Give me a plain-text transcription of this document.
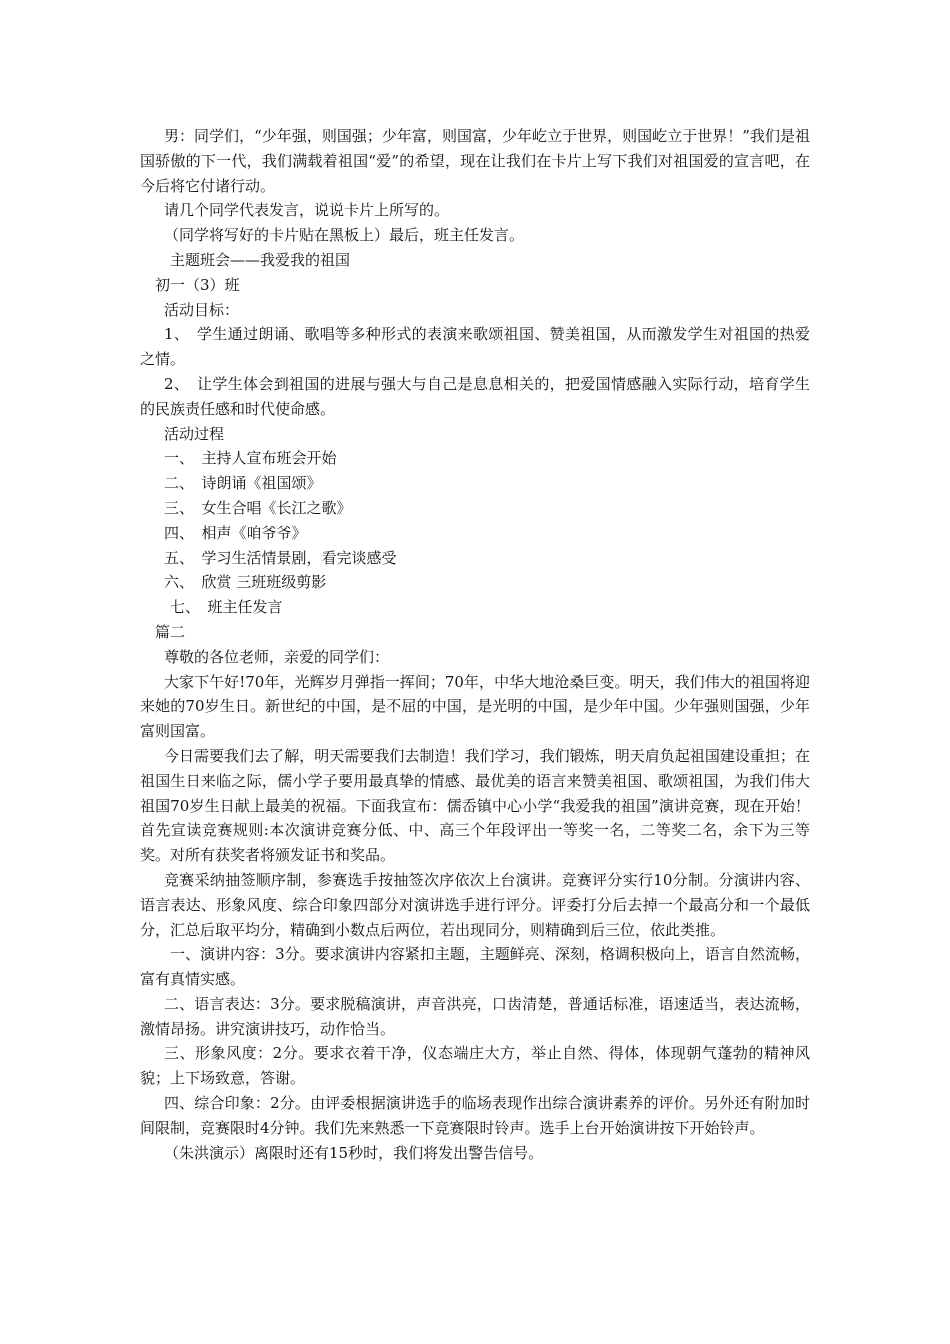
男：同学们，“少年强，则国强；少年富，则国富，少年屹立于世界，则国屹立于世界！”我们是祖国骄傲的下一代，我们满载着祖国“爱”的希望，现在让我们在卡片上写下我们对祖国爱的宣言吧，在今后将它付诸行动。

请几个同学代表发言，说说卡片上所写的。

（同学将写好的卡片贴在黑板上）最后，班主任发言。

主题班会——我爱我的祖国

初一（3）班

活动目标：

1、　学生通过朗诵、歌唱等多种形式的表演来歌颂祖国、赞美祖国，从而激发学生对祖国的热爱之情。

2、　让学生体会到祖国的进展与强大与自己是息息相关的，把爱国情感融入实际行动，培育学生的民族责任感和时代使命感。

活动过程

一、　主持人宣布班会开始

二、　诗朗诵《祖国颂》

三、　女生合唱《长江之歌》

四、　相声《咱爷爷》

五、　学习生活情景剧，看完谈感受

六、　欣赏 三班班级剪影

七、　班主任发言

篇二

尊敬的各位老师，亲爱的同学们：

大家下午好!70年，光辉岁月弹指一挥间；70年，中华大地沧桑巨变。明天，我们伟大的祖国将迎来她的70岁生日。新世纪的中国，是不屈的中国，是光明的中国，是少年中国。少年强则国强，少年富则国富。

今日需要我们去了解，明天需要我们去制造！我们学习，我们锻炼，明天肩负起祖国建设重担；在祖国生日来临之际，儒小学子要用最真挚的情感、最优美的语言来赞美祖国、歌颂祖国，为我们伟大祖国70岁生日献上最美的祝福。下面我宣布：儒岙镇中心小学“我爱我的祖国”演讲竞赛，现在开始！首先宣读竞赛规则:本次演讲竞赛分低、中、高三个年段评出一等奖一名，二等奖二名，余下为三等奖。对所有获奖者将颁发证书和奖品。

竞赛采纳抽签顺序制，参赛选手按抽签次序依次上台演讲。竞赛评分实行10分制。分演讲内容、语言表达、形象风度、综合印象四部分对演讲选手进行评分。评委打分后去掉一个最高分和一个最低分，汇总后取平均分，精确到小数点后两位，若出现同分，则精确到后三位，依此类推。

一、演讲内容：3分。要求演讲内容紧扣主题，主题鲜亮、深刻，格调积极向上，语言自然流畅，富有真情实感。

二、语言表达：3分。要求脱稿演讲，声音洪亮，口齿清楚，普通话标准，语速适当，表达流畅，激情昂扬。讲究演讲技巧，动作恰当。

三、形象风度：2分。要求衣着干净，仪态端庄大方，举止自然、得体，体现朝气蓬勃的精神风貌；上下场致意，答谢。

四、综合印象：2分。由评委根据演讲选手的临场表现作出综合演讲素养的评价。另外还有附加时间限制，竞赛限时4分钟。我们先来熟悉一下竞赛限时铃声。选手上台开始演讲按下开始铃声。

（朱洪演示）离限时还有15秒时，我们将发出警告信号。
